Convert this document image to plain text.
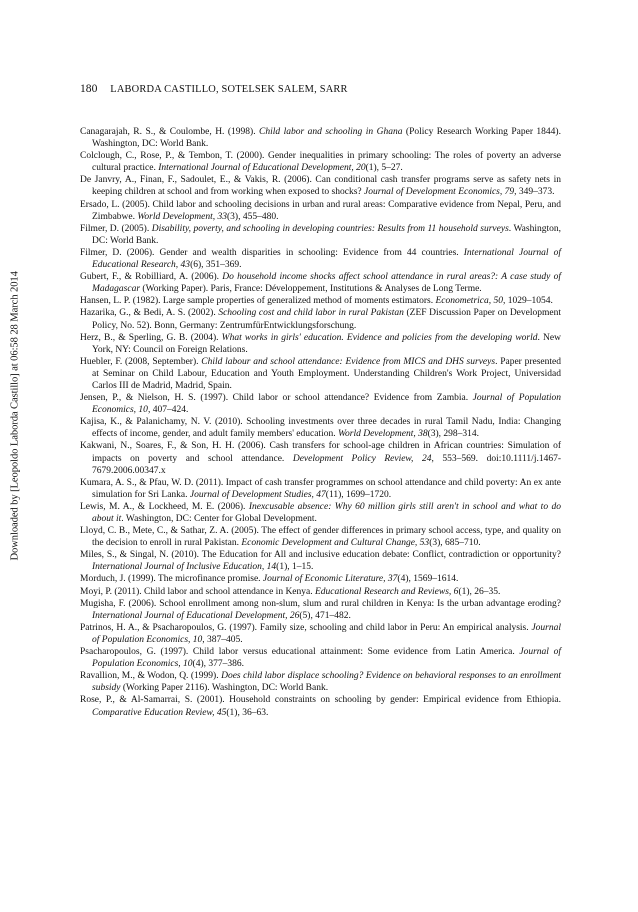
Downloaded by [Leopoldo Laborda Castillo] at 06:58 28 March 2014
180 LABORDA CASTILLO, SOTELSEK SALEM, SARR
Canagarajah, R. S., & Coulombe, H. (1998). Child labor and schooling in Ghana (Policy Research Working Paper 1844). Washington, DC: World Bank.
Colclough, C., Rose, P., & Tembon, T. (2000). Gender inequalities in primary schooling: The roles of poverty an adverse cultural practice. International Journal of Educational Development, 20(1), 5–27.
De Janvry, A., Finan, F., Sadoulet, E., & Vakis, R. (2006). Can conditional cash transfer programs serve as safety nets in keeping children at school and from working when exposed to shocks? Journal of Development Economics, 79, 349–373.
Ersado, L. (2005). Child labor and schooling decisions in urban and rural areas: Comparative evidence from Nepal, Peru, and Zimbabwe. World Development, 33(3), 455–480.
Filmer, D. (2005). Disability, poverty, and schooling in developing countries: Results from 11 household surveys. Washington, DC: World Bank.
Filmer, D. (2006). Gender and wealth disparities in schooling: Evidence from 44 countries. International Journal of Educational Research, 43(6), 351–369.
Gubert, F., & Robilliard, A. (2006). Do household income shocks affect school attendance in rural areas?: A case study of Madagascar (Working Paper). Paris, France: Développement, Institutions & Analyses de Long Terme.
Hansen, L. P. (1982). Large sample properties of generalized method of moments estimators. Econometrica, 50, 1029–1054.
Hazarika, G., & Bedi, A. S. (2002). Schooling cost and child labor in rural Pakistan (ZEF Discussion Paper on Development Policy, No. 52). Bonn, Germany: ZentrumfürEntwicklungsforschung.
Herz, B., & Sperling, G. B. (2004). What works in girls' education. Evidence and policies from the developing world. New York, NY: Council on Foreign Relations.
Huebler, F. (2008, September). Child labour and school attendance: Evidence from MICS and DHS surveys. Paper presented at Seminar on Child Labour, Education and Youth Employment. Understanding Children's Work Project, Universidad Carlos III de Madrid, Madrid, Spain.
Jensen, P., & Nielson, H. S. (1997). Child labor or school attendance? Evidence from Zambia. Journal of Population Economics, 10, 407–424.
Kajisa, K., & Palanichamy, N. V. (2010). Schooling investments over three decades in rural Tamil Nadu, India: Changing effects of income, gender, and adult family members' education. World Development, 38(3), 298–314.
Kakwani, N., Soares, F., & Son, H. H. (2006). Cash transfers for school-age children in African countries: Simulation of impacts on poverty and school attendance. Development Policy Review, 24, 553–569. doi:10.1111/j.1467-7679.2006.00347.x
Kumara, A. S., & Pfau, W. D. (2011). Impact of cash transfer programmes on school attendance and child poverty: An ex ante simulation for Sri Lanka. Journal of Development Studies, 47(11), 1699–1720.
Lewis, M. A., & Lockheed, M. E. (2006). Inexcusable absence: Why 60 million girls still aren't in school and what to do about it. Washington, DC: Center for Global Development.
Lloyd, C. B., Mete, C., & Sathar, Z. A. (2005). The effect of gender differences in primary school access, type, and quality on the decision to enroll in rural Pakistan. Economic Development and Cultural Change, 53(3), 685–710.
Miles, S., & Singal, N. (2010). The Education for All and inclusive education debate: Conflict, contradiction or opportunity? International Journal of Inclusive Education, 14(1), 1–15.
Morduch, J. (1999). The microfinance promise. Journal of Economic Literature, 37(4), 1569–1614.
Moyi, P. (2011). Child labor and school attendance in Kenya. Educational Research and Reviews, 6(1), 26–35.
Mugisha, F. (2006). School enrollment among non-slum, slum and rural children in Kenya: Is the urban advantage eroding? International Journal of Educational Development, 26(5), 471–482.
Patrinos, H. A., & Psacharopoulos, G. (1997). Family size, schooling and child labor in Peru: An empirical analysis. Journal of Population Economics, 10, 387–405.
Psacharopoulos, G. (1997). Child labor versus educational attainment: Some evidence from Latin America. Journal of Population Economics, 10(4), 377–386.
Ravallion, M., & Wodon, Q. (1999). Does child labor displace schooling? Evidence on behavioral responses to an enrollment subsidy (Working Paper 2116). Washington, DC: World Bank.
Rose, P., & Al-Samarrai, S. (2001). Household constraints on schooling by gender: Empirical evidence from Ethiopia. Comparative Education Review, 45(1), 36–63.
